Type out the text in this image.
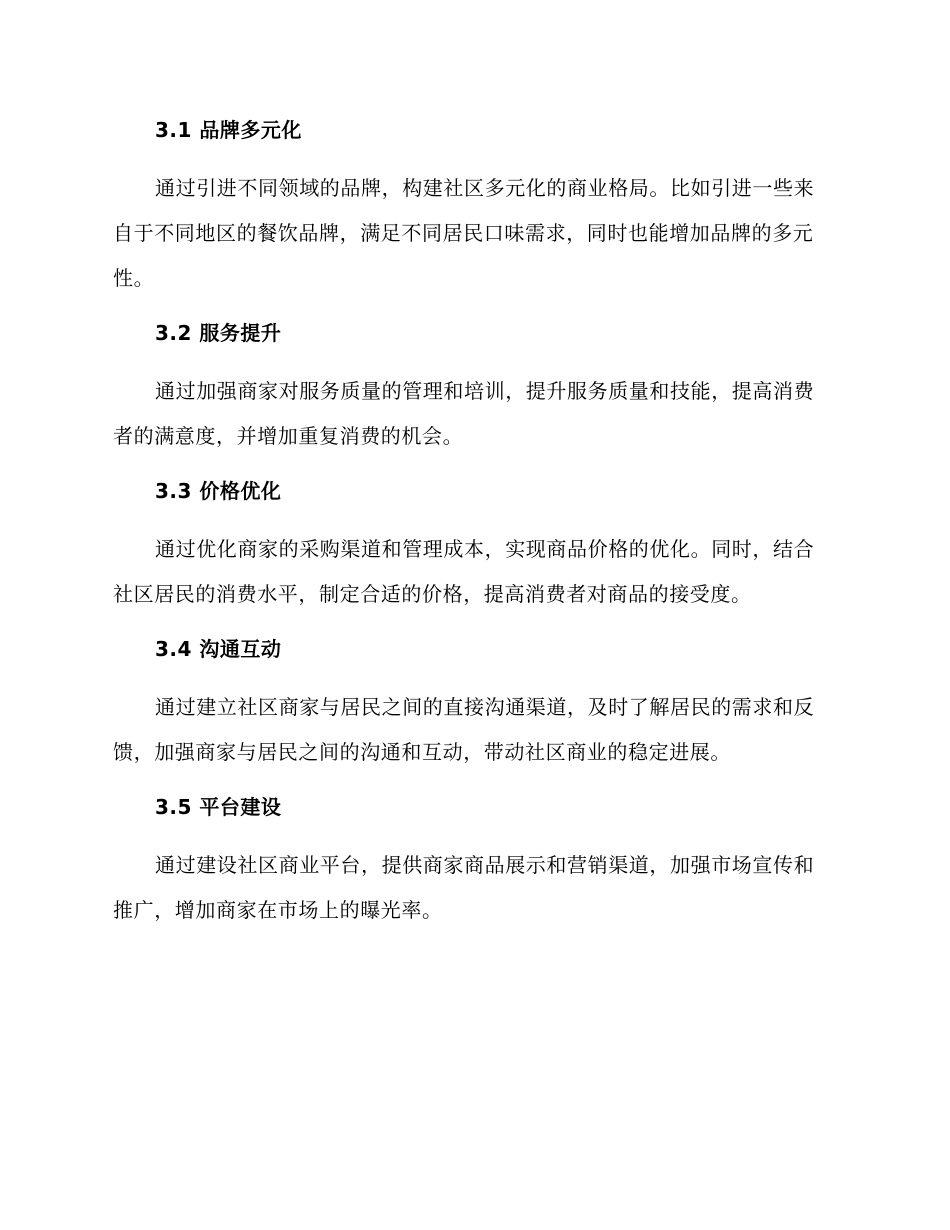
3.1 品牌多元化

通过引进不同领域的品牌，构建社区多元化的商业格局。比如引进一些来自于不同地区的餐饮品牌，满足不同居民口味需求，同时也能增加品牌的多元性。

3.2 服务提升

通过加强商家对服务质量的管理和培训，提升服务质量和技能，提高消费者的满意度，并增加重复消费的机会。

3.3 价格优化

通过优化商家的采购渠道和管理成本，实现商品价格的优化。同时，结合社区居民的消费水平，制定合适的价格，提高消费者对商品的接受度。

3.4 沟通互动

通过建立社区商家与居民之间的直接沟通渠道，及时了解居民的需求和反馈，加强商家与居民之间的沟通和互动，带动社区商业的稳定进展。

3.5 平台建设

通过建设社区商业平台，提供商家商品展示和营销渠道，加强市场宣传和推广，增加商家在市场上的曝光率。
